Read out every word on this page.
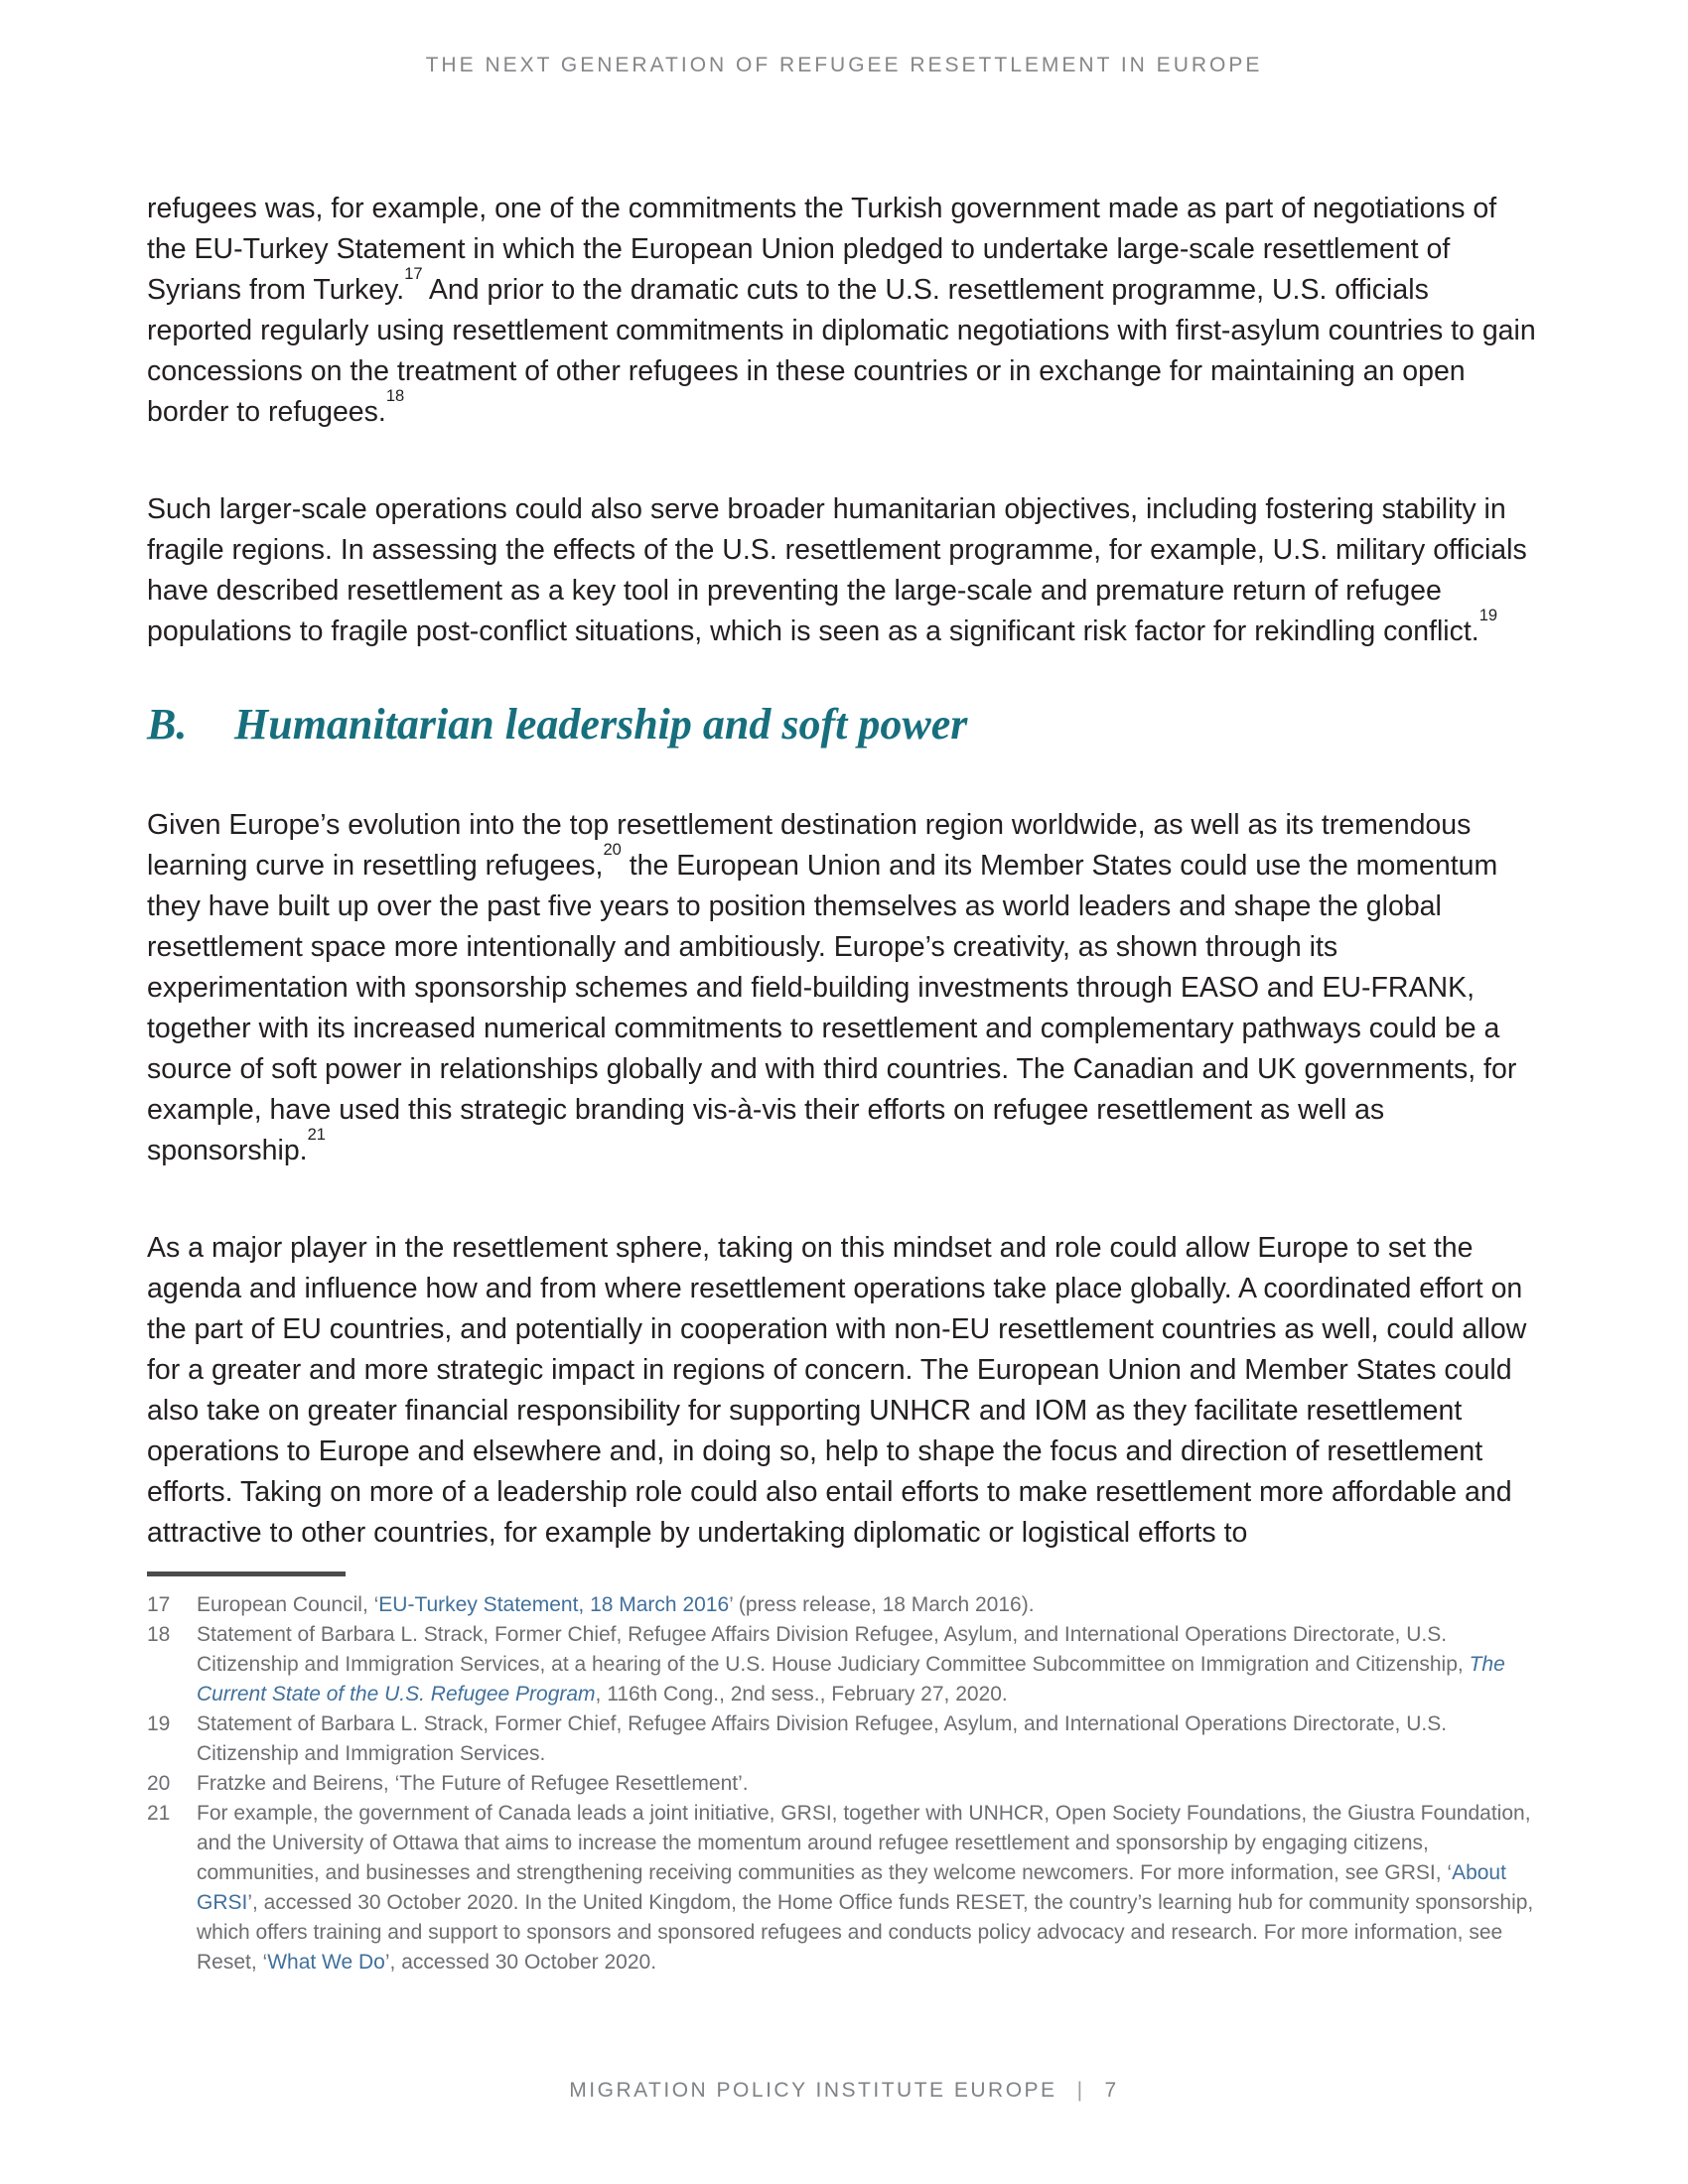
THE NEXT GENERATION OF REFUGEE RESETTLEMENT IN EUROPE

refugees was, for example, one of the commitments the Turkish government made as part of negotiations of the EU-Turkey Statement in which the European Union pledged to undertake large-scale resettlement of Syrians from Turkey.$^{17}$ And prior to the dramatic cuts to the U.S. resettlement programme, U.S. officials reported regularly using resettlement commitments in diplomatic negotiations with first-asylum countries to gain concessions on the treatment of other refugees in these countries or in exchange for maintaining an open border to refugees.$^{18}$

Such larger-scale operations could also serve broader humanitarian objectives, including fostering stability in fragile regions. In assessing the effects of the U.S. resettlement programme, for example, U.S. military officials have described resettlement as a key tool in preventing the large-scale and premature return of refugee populations to fragile post-conflict situations, which is seen as a significant risk factor for rekindling conflict.$^{19}$

B.	Humanitarian leadership and soft power

Given Europe’s evolution into the top resettlement destination region worldwide, as well as its tremendous learning curve in resettling refugees,$^{20}$ the European Union and its Member States could use the momentum they have built up over the past five years to position themselves as world leaders and shape the global resettlement space more intentionally and ambitiously. Europe’s creativity, as shown through its experimentation with sponsorship schemes and field-building investments through EASO and EU-FRANK, together with its increased numerical commitments to resettlement and complementary pathways could be a source of soft power in relationships globally and with third countries. The Canadian and UK governments, for example, have used this strategic branding vis-à-vis their efforts on refugee resettlement as well as sponsorship.$^{21}$

As a major player in the resettlement sphere, taking on this mindset and role could allow Europe to set the agenda and influence how and from where resettlement operations take place globally. A coordinated effort on the part of EU countries, and potentially in cooperation with non-EU resettlement countries as well, could allow for a greater and more strategic impact in regions of concern. The European Union and Member States could also take on greater financial responsibility for supporting UNHCR and IOM as they facilitate resettlement operations to Europe and elsewhere and, in doing so, help to shape the focus and direction of resettlement efforts. Taking on more of a leadership role could also entail efforts to make resettlement more affordable and attractive to other countries, for example by undertaking diplomatic or logistical efforts to

17	European Council, ‘EU-Turkey Statement, 18 March 2016’ (press release, 18 March 2016).
18	Statement of Barbara L. Strack, Former Chief, Refugee Affairs Division Refugee, Asylum, and International Operations Directorate, U.S. Citizenship and Immigration Services, at a hearing of the U.S. House Judiciary Committee Subcommittee on Immigration and Citizenship, The Current State of the U.S. Refugee Program, 116th Cong., 2nd sess., February 27, 2020.
19	Statement of Barbara L. Strack, Former Chief, Refugee Affairs Division Refugee, Asylum, and International Operations Directorate, U.S. Citizenship and Immigration Services.
20	Fratzke and Beirens, ‘The Future of Refugee Resettlement’.
21	For example, the government of Canada leads a joint initiative, GRSI, together with UNHCR, Open Society Foundations, the Giustra Foundation, and the University of Ottawa that aims to increase the momentum around refugee resettlement and sponsorship by engaging citizens, communities, and businesses and strengthening receiving communities as they welcome newcomers. For more information, see GRSI, ‘About GRSI’, accessed 30 October 2020. In the United Kingdom, the Home Office funds RESET, the country’s learning hub for community sponsorship, which offers training and support to sponsors and sponsored refugees and conducts policy advocacy and research. For more information, see Reset, ‘What We Do’, accessed 30 October 2020.
MIGRATION POLICY INSTITUTE EUROPE | 7
